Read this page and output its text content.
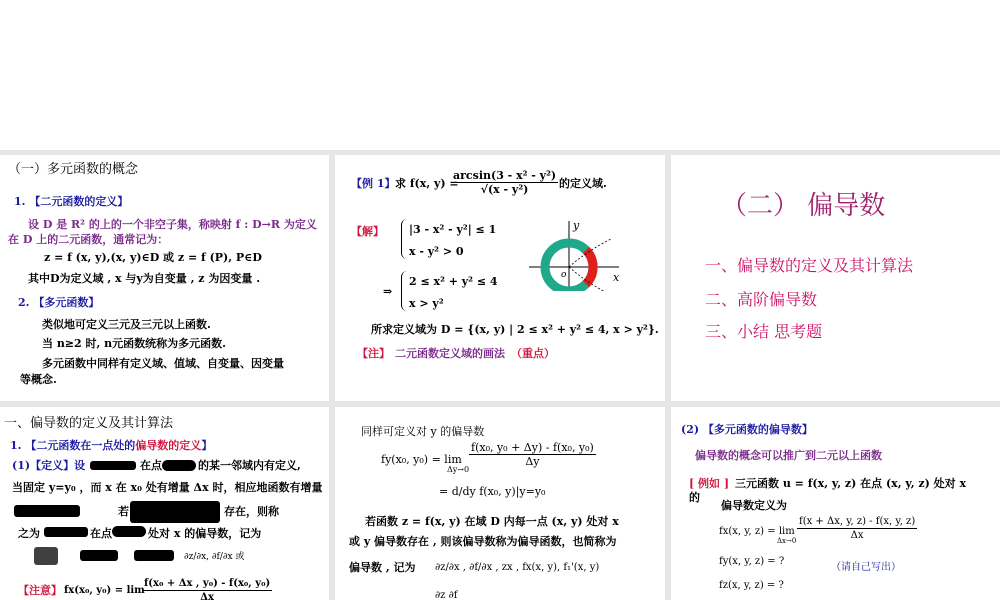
（一）多元函数的概念
1. 【二元函数的定义】
设 D 是 R² 的上的一个非空子集，称映射 f : D→R 为定义
在 D 上的二元函数，通常记为：
z = f (x, y),(x, y)∈D 或 z = f (P), P∈D
其中D为定义域 , x 与y为自变量 , z 为因变量 .
2. 【多元函数】
类似地可定义三元及三元以上函数.
当 n≥2 时, n元函数统称为多元函数.
多元函数中同样有定义域、值域、自变量、因变量
等概念.
【例 1】 求 f(x, y) =
$\frac{\text{arcsin(3 - x² - y²)}}{\text{√(x - y²)}}$ 的定义域.
【解】 |3 - x² - y²| ≤ 1
x - y² > 0
⇒
2 ≤ x² + y² ≤ 4
x > y²
x
y
o
所求定义域为 D = {(x, y) | 2 ≤ x² + y² ≤ 4, x > y²}.
【注】 二元函数定义域的画法 （重点）
（二） 偏导数
一、偏导数的定义及其计算法
二、高阶偏导数
三、小结 思考题
一、偏导数的定义及其计算法
1. 【二元函数在一点处的偏导数的定义】
(1)【定义】设	在点	的某一邻域内有定义,
当固定 y=y₀ ，而 x 在 x₀ 处有增量 Δx 时，相应地函数有增量
若	存在，则称
之为	在点	处对 x 的偏导数，记为
∂z/∂x, ∂f/∂x 或
【注意】 fx(x₀, y₀) = lim
$\frac{\text{f(x₀ + Δx , y₀) - f(x₀, y₀)}}{\Delta x}$
同样可定义对 y 的偏导数
fy(x₀, y₀) = lim
Δy→0
$\frac{\text{f(x₀, y₀ + Δy) - f(x₀, y₀)}}{\Delta y}$
= d/dy f(x₀, y)|y=y₀
若函数 z = f(x, y) 在域 D 内每一点 (x, y) 处对 x
或 y 偏导数存在 , 则该偏导数称为偏导函数，也简称为
偏导数 , 记为 ∂z/∂x , ∂f/∂x , zx , fx(x, y), f₁'(x, y)
∂z ∂f
(2) 【多元函数的偏导数】
偏导数的概念可以推广到二元以上函数
[ 例如 ] 三元函数 u = f(x, y, z) 在点 (x, y, z) 处对 x
的
偏导数定义为
fx(x, y, z) = lim
$\Delta x\to 0 \frac{f(x + \Delta x, y, z) - f(x, y, z)}{\Delta x}$
fy(x, y, z) = ?
（请自己写出）
fz(x, y, z) = ?
